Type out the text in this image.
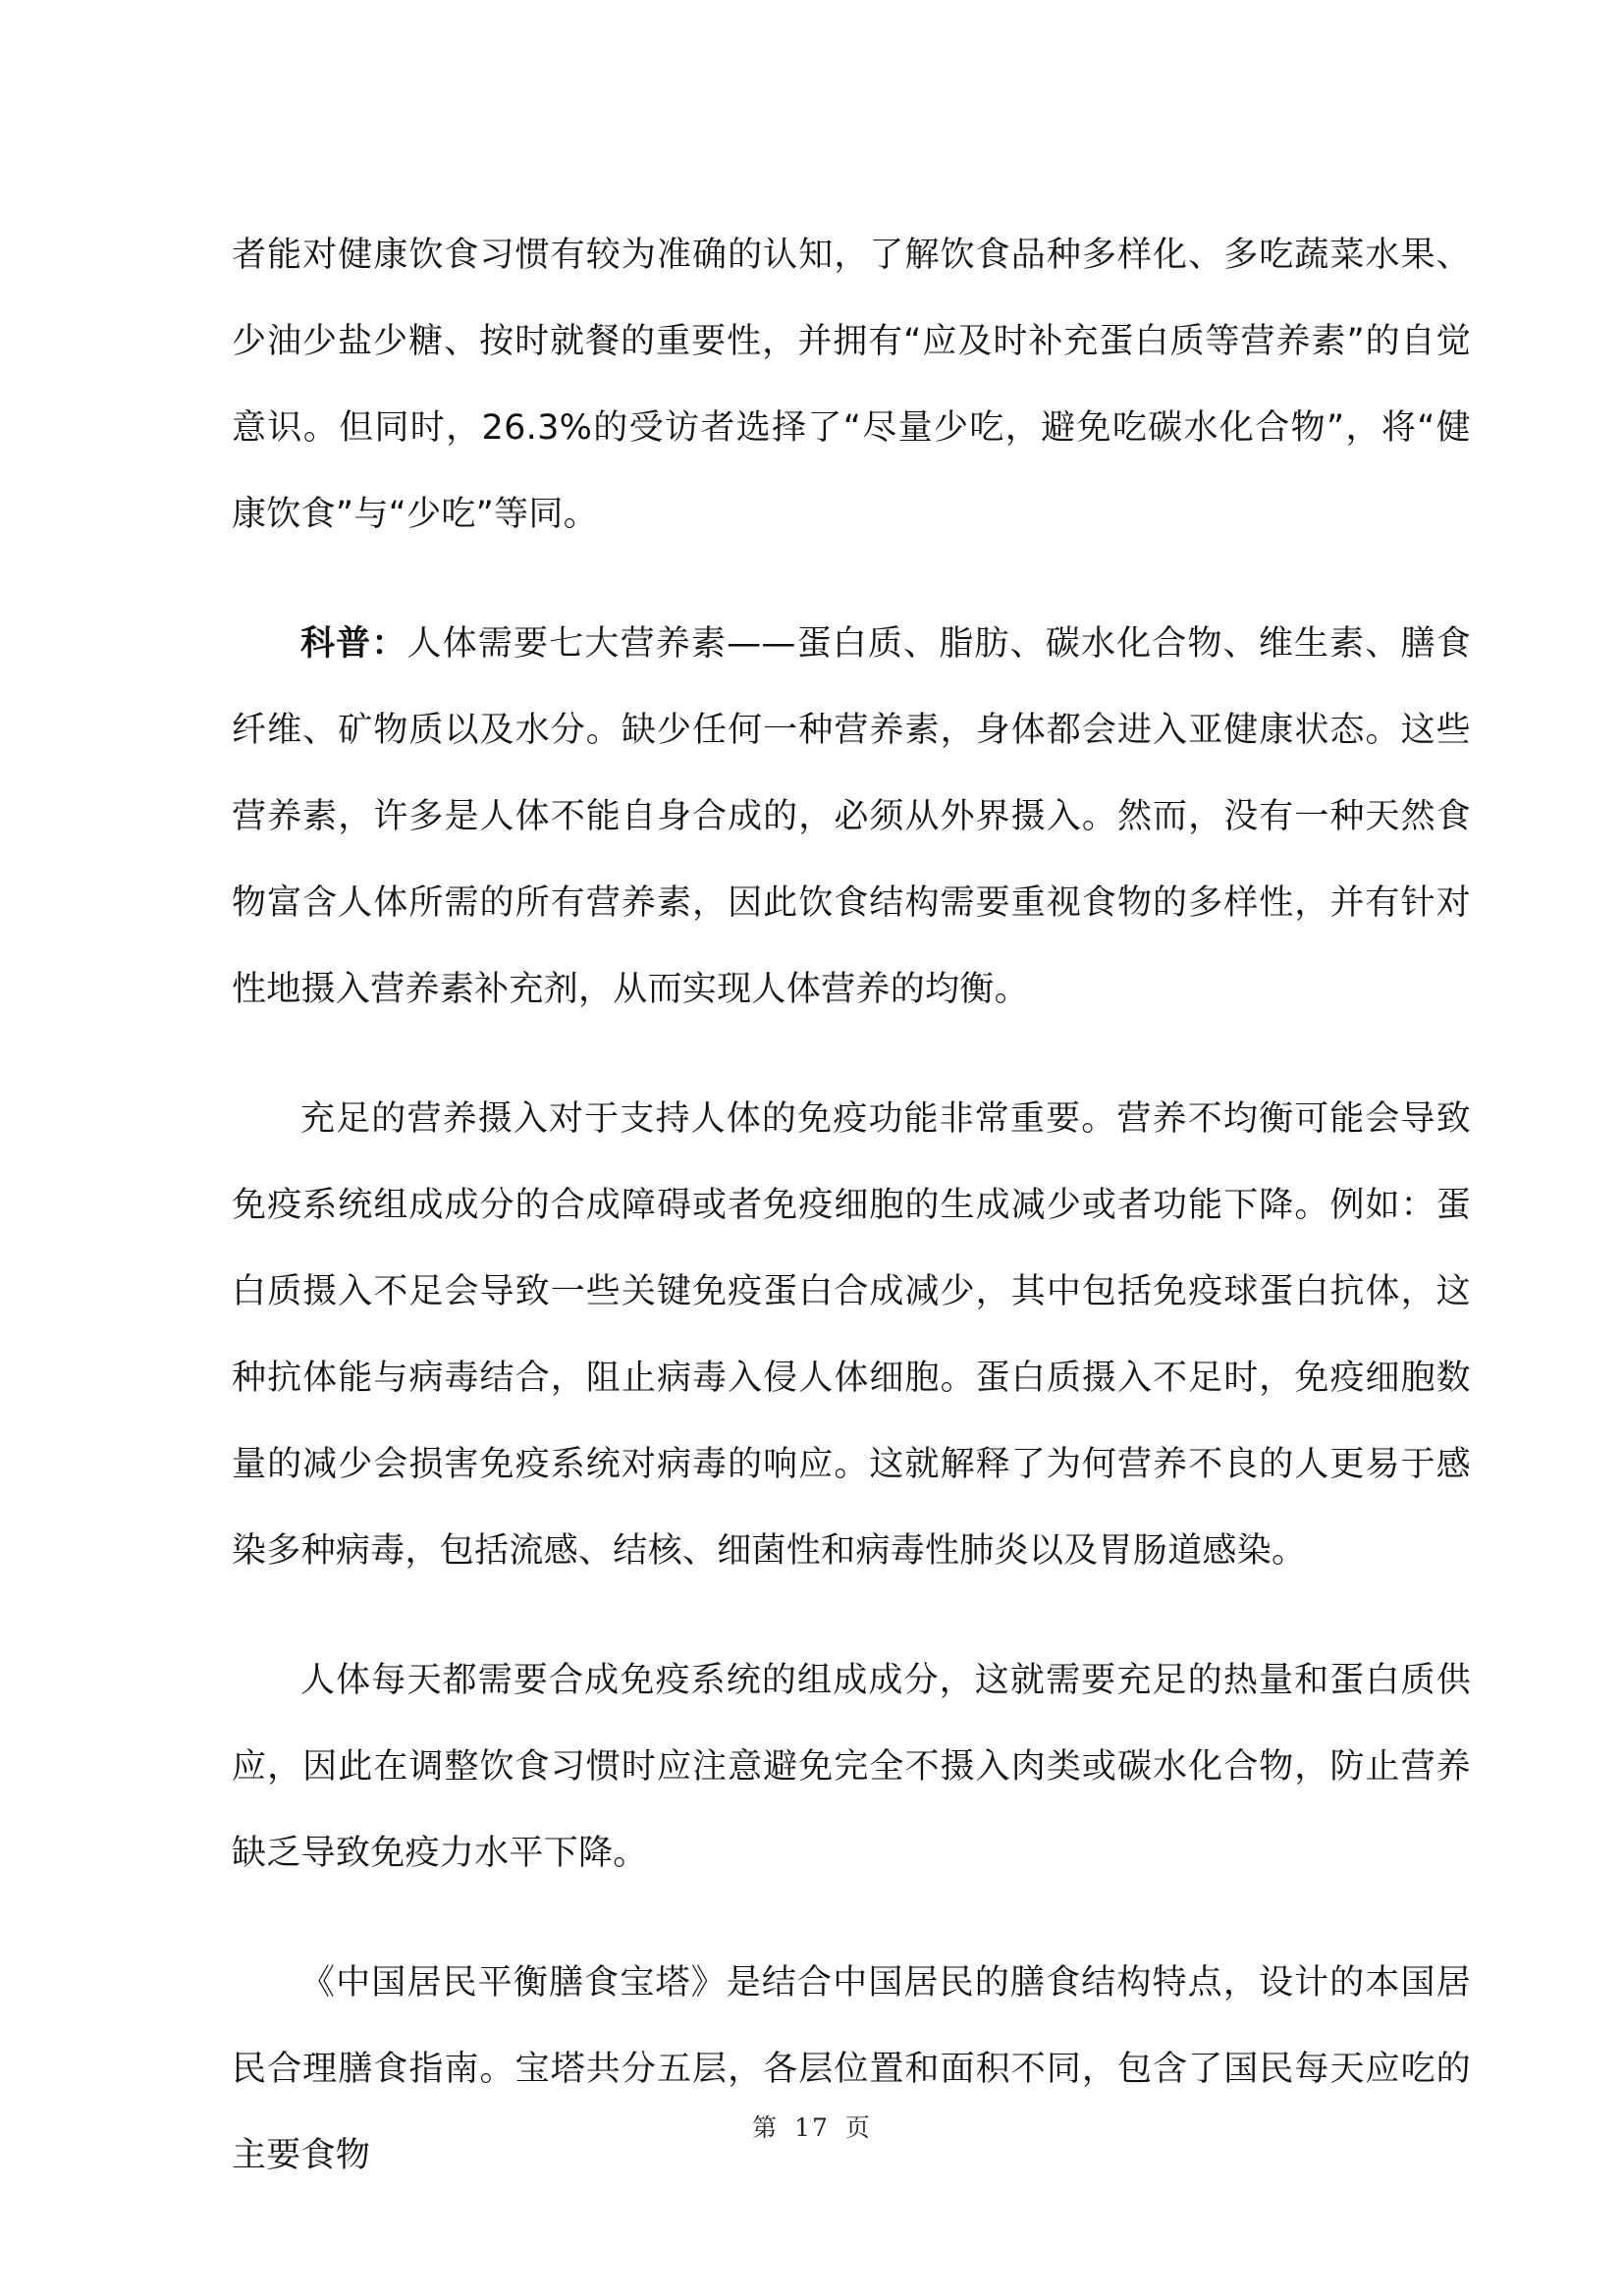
者能对健康饮食习惯有较为准确的认知，了解饮食品种多样化、多吃蔬菜水果、少油少盐少糖、按时就餐的重要性，并拥有“应及时补充蛋白质等营养素”的自觉意识。但同时，26.3%的受访者选择了“尽量少吃，避免吃碳水化合物”，将“健康饮食”与“少吃”等同。

科普：人体需要七大营养素——蛋白质、脂肪、碳水化合物、维生素、膳食纤维、矿物质以及水分。缺少任何一种营养素，身体都会进入亚健康状态。这些营养素，许多是人体不能自身合成的，必须从外界摄入。然而，没有一种天然食物富含人体所需的所有营养素，因此饮食结构需要重视食物的多样性，并有针对性地摄入营养素补充剂，从而实现人体营养的均衡。

充足的营养摄入对于支持人体的免疫功能非常重要。营养不均衡可能会导致免疫系统组成成分的合成障碍或者免疫细胞的生成减少或者功能下降。例如：蛋白质摄入不足会导致一些关键免疫蛋白合成减少，其中包括免疫球蛋白抗体，这种抗体能与病毒结合，阻止病毒入侵人体细胞。蛋白质摄入不足时，免疫细胞数量的减少会损害免疫系统对病毒的响应。这就解释了为何营养不良的人更易于感染多种病毒，包括流感、结核、细菌性和病毒性肺炎以及胃肠道感染。

人体每天都需要合成免疫系统的组成成分，这就需要充足的热量和蛋白质供应，因此在调整饮食习惯时应注意避免完全不摄入肉类或碳水化合物，防止营养缺乏导致免疫力水平下降。

《中国居民平衡膳食宝塔》是结合中国居民的膳食结构特点，设计的本国居民合理膳食指南。宝塔共分五层，各层位置和面积不同，包含了国民每天应吃的主要食物

第 17 页
